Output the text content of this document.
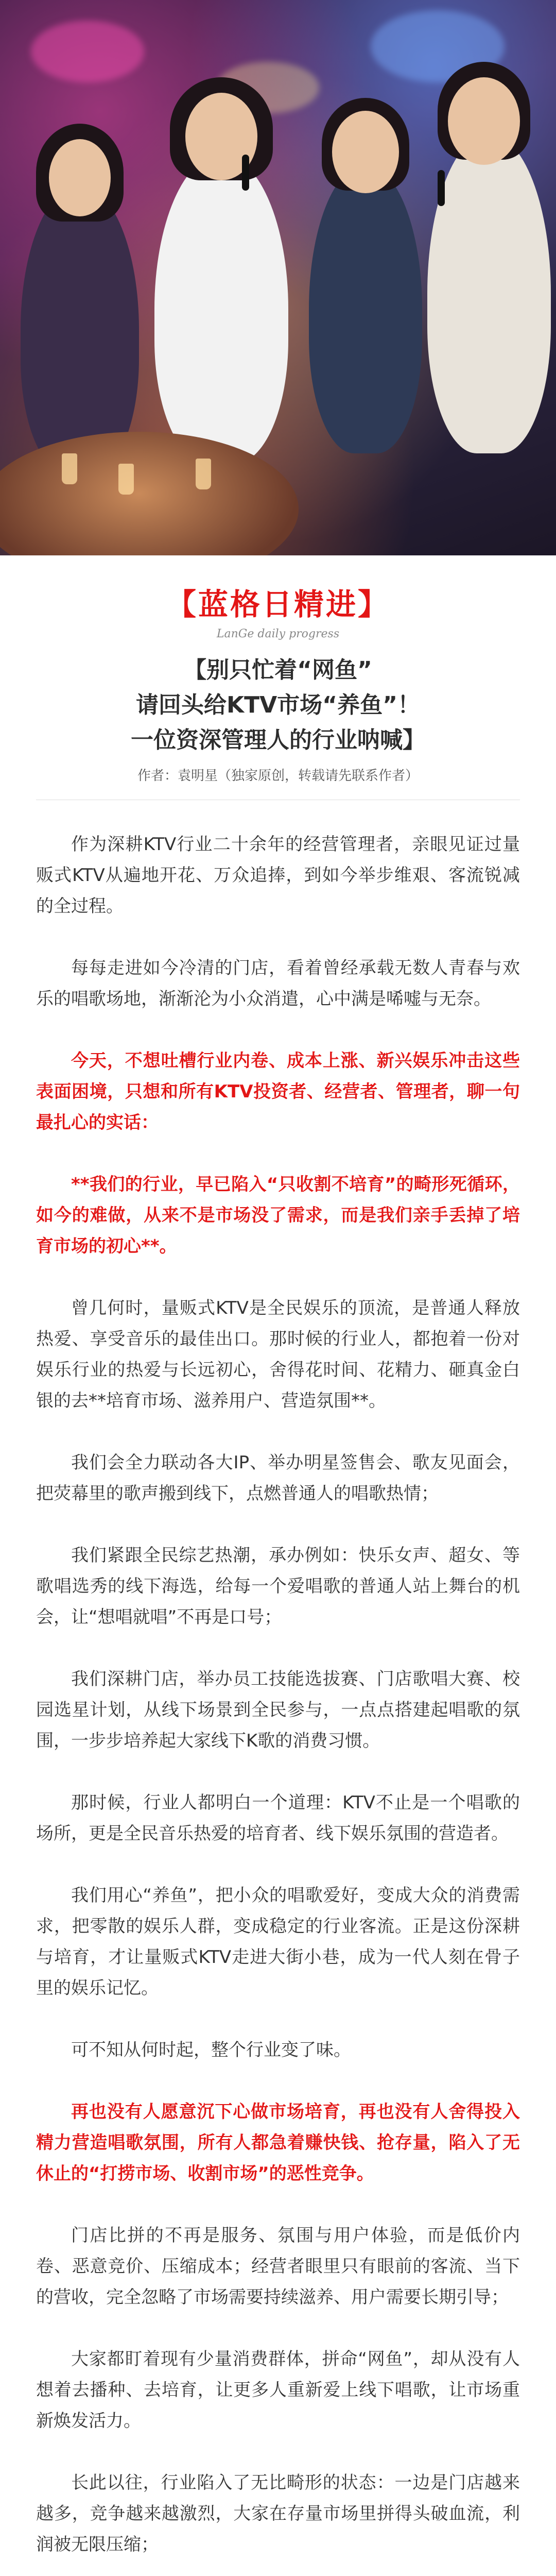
【蓝格日精进】
LanGe daily progress
【别只忙着“网鱼”
请回头给KTV市场“养鱼”！
一位资深管理人的行业呐喊】
作者：袁明星（独家原创，转载请先联系作者）

作为深耕KTV行业二十余年的经营管理者，亲眼见证过量贩式KTV从遍地开花、万众追捧，到如今举步维艰、客流锐减的全过程。

每每走进如今冷清的门店，看着曾经承载无数人青春与欢乐的唱歌场地，渐渐沦为小众消遣，心中满是唏嘘与无奈。

今天，不想吐槽行业内卷、成本上涨、新兴娱乐冲击这些表面困境，只想和所有KTV投资者、经营者、管理者，聊一句最扎心的实话：

**我们的行业，早已陷入“只收割不培育”的畸形死循环，如今的难做，从来不是市场没了需求，而是我们亲手丢掉了培育市场的初心**。

曾几何时，量贩式KTV是全民娱乐的顶流，是普通人释放热爱、享受音乐的最佳出口。那时候的行业人，都抱着一份对娱乐行业的热爱与长远初心，舍得花时间、花精力、砸真金白银的去**培育市场、滋养用户、营造氛围**。

我们会全力联动各大IP、举办明星签售会、歌友见面会，把荧幕里的歌声搬到线下，点燃普通人的唱歌热情；

我们紧跟全民综艺热潮，承办例如：快乐女声、超女、等歌唱选秀的线下海选，给每一个爱唱歌的普通人站上舞台的机会，让“想唱就唱”不再是口号；

我们深耕门店，举办员工技能选拔赛、门店歌唱大赛、校园选星计划，从线下场景到全民参与，一点点搭建起唱歌的氛围，一步步培养起大家线下K歌的消费习惯。

那时候，行业人都明白一个道理：KTV不止是一个唱歌的场所，更是全民音乐热爱的培育者、线下娱乐氛围的营造者。

我们用心“养鱼”，把小众的唱歌爱好，变成大众的消费需求，把零散的娱乐人群，变成稳定的行业客流。正是这份深耕与培育，才让量贩式KTV走进大街小巷，成为一代人刻在骨子里的娱乐记忆。

可不知从何时起，整个行业变了味。

再也没有人愿意沉下心做市场培育，再也没有人舍得投入精力营造唱歌氛围，所有人都急着赚快钱、抢存量，陷入了无休止的“打捞市场、收割市场”的恶性竞争。

门店比拼的不再是服务、氛围与用户体验，而是低价内卷、恶意竞价、压缩成本；经营者眼里只有眼前的客流、当下的营收，完全忽略了市场需要持续滋养、用户需要长期引导；

大家都盯着现有少量消费群体，拼命“网鱼”，却从没有人想着去播种、去培育，让更多人重新爱上线下唱歌，让市场重新焕发活力。

长此以往，行业陷入了无比畸形的状态：一边是门店越来越多，竞争越来越激烈，大家在存量市场里拼得头破血流，利润被无限压缩；
